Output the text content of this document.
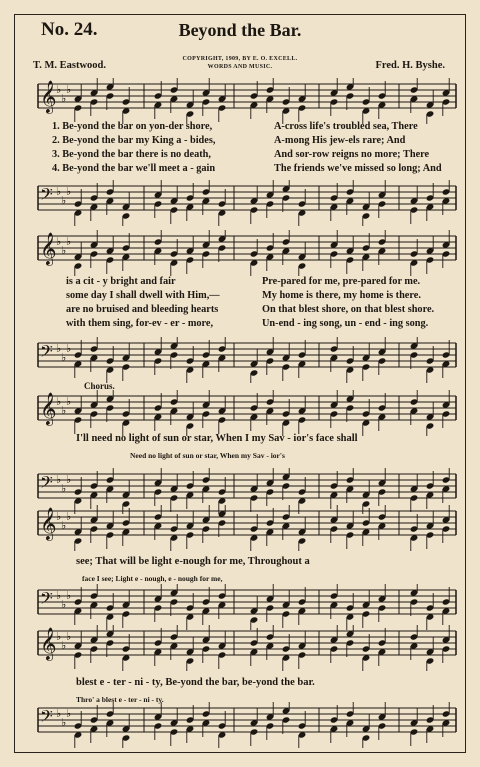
Beyond the Bar.
No. 24.
COPYRIGHT, 1909, BY E. O. EXCELL.
WORDS AND MUSIC.
T. M. Eastwood.	Fred. H. Byshe.
𝄞 ♭
♭
♭
𝄢 ♭
♭
♭
𝄞 ♭
♭
♭
𝄢 ♭
♭
♭
𝄞 ♭
♭
♭
𝄢 ♭
♭
♭
𝄞 ♭
♭
♭
𝄢 ♭
♭
♭
𝄞 ♭
♭
♭
𝄢 ♭
♭
♭
1. Be-yond the bar on yon-der shore,	A-cross life's troubled sea, There
2. Be-yond the bar my King a - bides,	A-mong His jew-els rare; And
3. Be-yond the bar there is no death,	And sor-row reigns no more; There
4. Be-yond the bar we'll meet a - gain	The friends we've missed so long; And
is a cit - y bright and fair	Pre-pared for me, pre-pared for me.
some day I shall dwell with Him,—	My home is there, my home is there.
are no bruised and bleeding hearts	On that blest shore, on that blest shore.
with them sing, for-ev - er - more,	Un-end - ing song, un - end - ing song.
Chorus.
I'll need no light of sun or star, When I my Sav - ior's face shall
Need no light of sun or star, When my Sav - ior's
see; That will be light e-nough for me, Throughout a
face I see; Light e - nough, e - nough for me,
blest e - ter - ni - ty, Be-yond the bar, be-yond the bar.
Thro' a blest e - ter - ni - ty.
